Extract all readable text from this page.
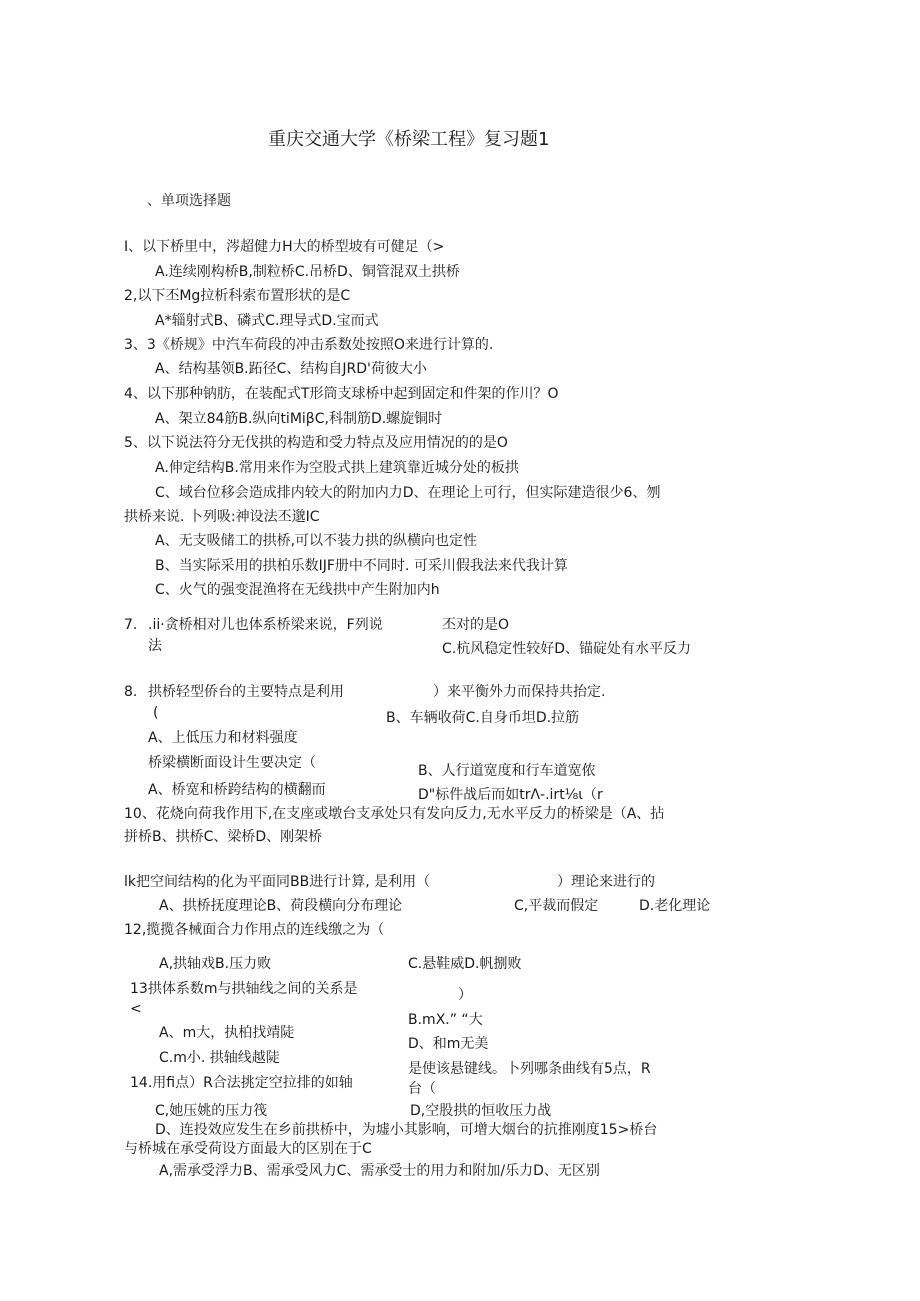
重庆交通大学《桥梁工程》复习题1
、单项选择题
I、以下桥里中，涔超健力H大的桥型坡有可健足（>
A.连续刚构桥B,制粒桥C.吊桥D、铜管混双土拱桥
2,以下丕Mg拉析科索布置形状的是C
A*辎射式B、磷式C.理导式D.宝而式
3、3《桥规》中汽车荷段的冲击系数处按照O来进行计算的.
A、结构基领B.跖径C、结构自JRD'荷彼大小
4、以下那种钠肪，在装配式T形筒支球桥中起到固定和件架的作川？O
A、架立84筋B.纵向tiMiβC,科制筋D.螺旋铜时
5、以下说法符分无伐拱的构造和受力特点及应用情况的的是O
A.伸定结构B.常用来作为空股式拱上建筑靠近城分处的板拱
C、域台位移会造成排内较大的附加内力D、在理论上可行，但实际建造很少6、刎
拱桥来说. 卜列吸:神设法丕邈IC
A、无支吸储工的拱桥,可以不装力拱的纵横向也定性
B、当实际采用的拱柏乐数IJF册中不同时. 可采川假我法来代我计算
C、火气的强变混渔将在无线拱中产生附加内h
7. .ii·贪桥相对儿也体系桥梁来说，F列说
法
丕对的是O
C.杭风稳定性较好D、锚碇处有水平反力
8. 拱桥轻型侨台的主要特点是利用
(
）来平衡外力而保持共抬定.
B、车辆收荷C.自身币坦D.拉筋
A、上低压力和材料强度
桥梁横断面设计生要决定（	B、人行道宽度和行车道宽侬
A、桥宽和桥跨结构的横翻而	D"标件战后而如trΛ-.irt⅛ι（r
10、花烧向荷我作用下,在支座或墩台支承处只有发向反力,无水平反力的桥梁是（A、拈
拼桥B、拱桥C、梁桥D、刚架桥
lk把空间结构的化为平面同BB进行计算, 是利用（	）理论来进行的
A、拱桥抚度理论B、荷段横向分布理论	C,平裁而假定	D.老化理论
12,揽揽各械面合力作用点的连线缴之为（
A,拱轴戏B.压力败	C.悬鞋威D.帆捌败
13拱体系数m与拱轴线之间的关系是	）
<
B.mX.” “大
A、m大，执柏找靖陡
D、和m无美
C.m小. 拱轴线越陡
是使该悬键线。卜列哪条曲线有5点，R
14.用fi点）R合法挑定空拉排的如轴	台（
C,她压姚的压力筏	D,空股拱的恒收压力战
D、连投效应发生在乡前拱桥中，为墟小其影响，可增大烟台的抗推刚度15>桥台
与桥城在承受荷设方面最大的区别在于C
A,需承受浮力B、需承受风力C、需承受士的用力和附加/乐力D、无区别
